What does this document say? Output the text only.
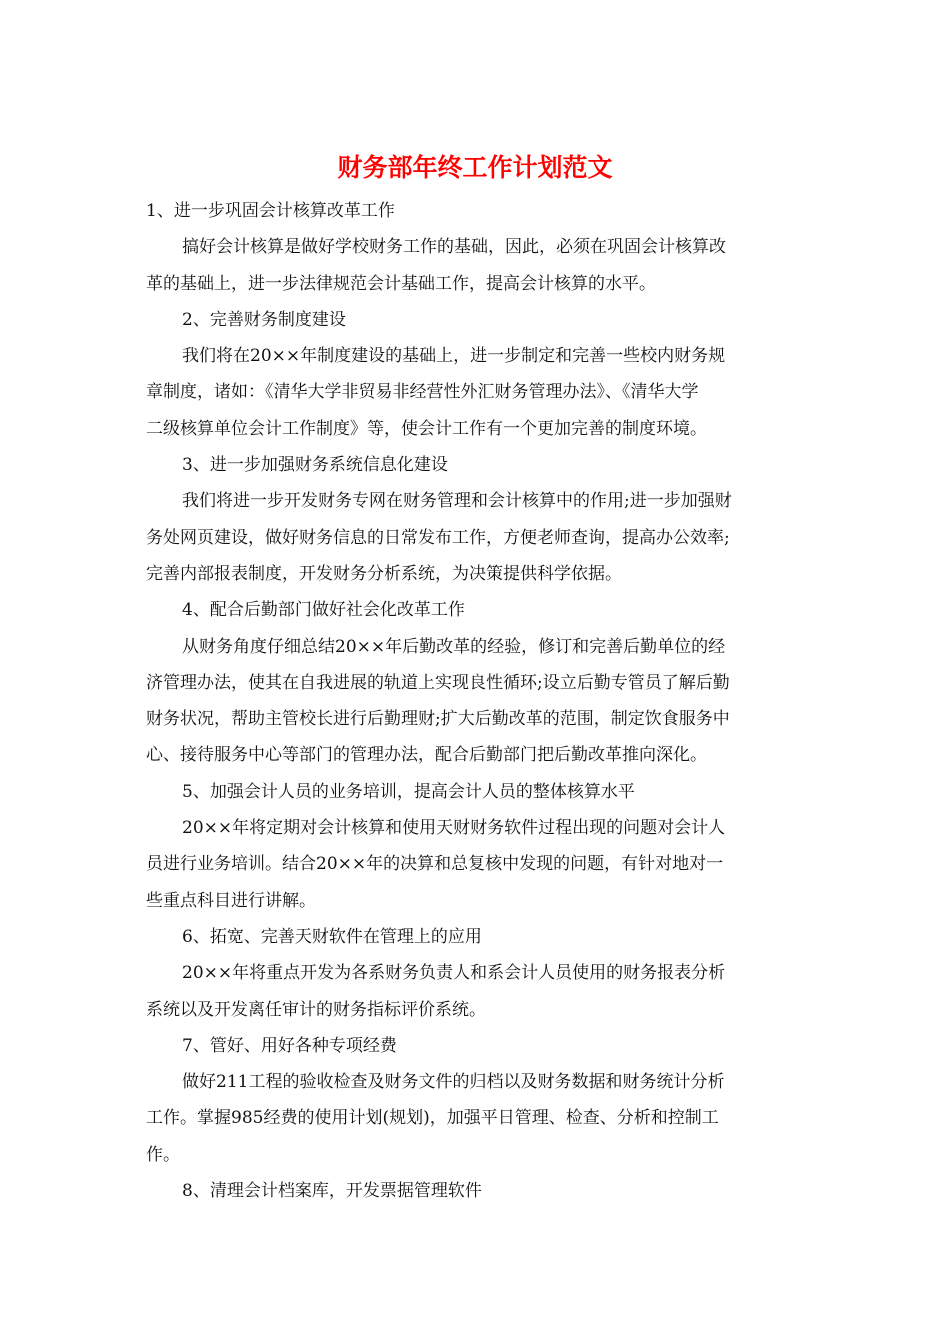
财务部年终工作计划范文
1、进一步巩固会计核算改革工作
搞好会计核算是做好学校财务工作的基础，因此，必须在巩固会计核算改
革的基础上，进一步法律规范会计基础工作，提高会计核算的水平。
2、完善财务制度建设
我们将在20××年制度建设的基础上，进一步制定和完善一些校内财务规
章制度，诸如：《清华大学非贸易非经营性外汇财务管理办法》、《清华大学
二级核算单位会计工作制度》等，使会计工作有一个更加完善的制度环境。
3、进一步加强财务系统信息化建设
我们将进一步开发财务专网在财务管理和会计核算中的作用;进一步加强财
务处网页建设，做好财务信息的日常发布工作，方便老师查询，提高办公效率;
完善内部报表制度，开发财务分析系统，为决策提供科学依据。
4、配合后勤部门做好社会化改革工作
从财务角度仔细总结20××年后勤改革的经验，修订和完善后勤单位的经
济管理办法，使其在自我进展的轨道上实现良性循环;设立后勤专管员了解后勤
财务状况，帮助主管校长进行后勤理财;扩大后勤改革的范围，制定饮食服务中
心、接待服务中心等部门的管理办法，配合后勤部门把后勤改革推向深化。
5、加强会计人员的业务培训，提高会计人员的整体核算水平
20××年将定期对会计核算和使用天财财务软件过程出现的问题对会计人
员进行业务培训。结合20××年的决算和总复核中发现的问题，有针对地对一
些重点科目进行讲解。
6、拓宽、完善天财软件在管理上的应用
20××年将重点开发为各系财务负责人和系会计人员使用的财务报表分析
系统以及开发离任审计的财务指标评价系统。
7、管好、用好各种专项经费
做好211工程的验收检查及财务文件的归档以及财务数据和财务统计分析
工作。掌握985经费的使用计划(规划)，加强平日管理、检查、分析和控制工
作。
8、清理会计档案库，开发票据管理软件
